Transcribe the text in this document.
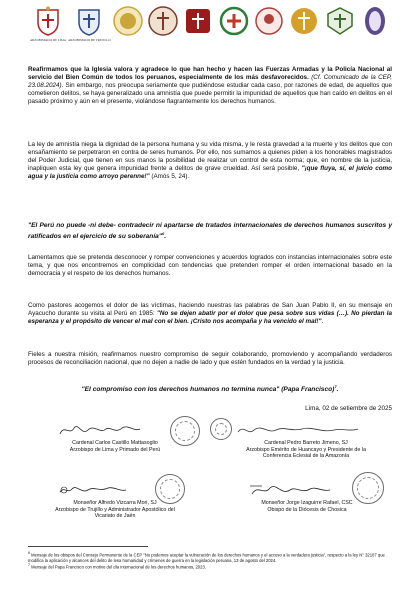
ARZOBISPADO DE LIMA ARZOBISPADO DE TRUJILLO

Reafirmamos que la Iglesia valora y agradece lo que han hecho y hacen las Fuerzas Armadas y la Policía Nacional al servicio del Bien Común de todos los peruanos, especialmente de los más desfavorecidos. (Cf. Comunicado de la CEP, 23.08.2024). Sin embargo, nos preocupa seriamente que pudiéndose estudiar cada caso, por razones de edad, de aquellos que cometieron delitos, se haya generalizado una amnistía que puede permitir la impunidad de aquellos que han caído en delitos en el pasado próximo y aún en el presente, violándose flagrantemente los derechos humanos.

La ley de amnistía niega la dignidad de la persona humana y su vida misma, y le resta gravedad a la muerte y los delitos que con ensañamiento se perpetraron en contra de seres humanos. Por ello, nos sumamos a quienes piden a los honorables magistrados del Poder Judicial, que tienen en sus manos la posibilidad de realizar un control de esta norma; que, en nombre de la justicia, inapliquen esta ley que genera impunidad frente a delitos de grave crueldad. Así será posible, "¡que fluya, sí, el juicio como agua y la justicia como arroyo perenne!" (Amós 5, 24).

"El Perú no puede -ni debe- contradecir ni apartarse de tratados internacionales de derechos humanos suscritos y ratificados en el ejercicio de su soberanía"$^6$.

Lamentamos que se pretenda desconocer y romper convenciones y acuerdos logrados con instancias internacionales sobre este tema, y que nos encontremos en complicidad con tendencias que pretenden romper el orden internacional basado en la democracia y el respeto de los derechos humanos.

Como pastores acogemos el dolor de las víctimas, haciendo nuestras las palabras de San Juan Pablo II, en su mensaje en Ayacucho durante su visita al Perú en 1985: "No se dejen abatir por el dolor que pesa sobre sus vidas (…). No pierdan la esperanza y el propósito de vencer el mal con el bien. ¡Cristo nos acompaña y ha vencido el mal!".

Fieles a nuestra misión, reafirmamos nuestro compromiso de seguir colaborando, promoviendo y acompañando verdaderos procesos de reconciliación nacional, que no dejen a nadie de lado y que estén fundados en la verdad y la justicia.

"El compromiso con los derechos humanos no termina nunca" (Papa Francisco)$^7$.

Lima, 02 de setiembre de 2025
Cardenal Carlos Castillo Mattasoglio
Arzobispo de Lima y Primado del Perú
Cardenal Pedro Barreto Jimeno, SJ
Arzobispo Emérito de Huancayo y Presidente de la
Conferencia Eclesial de la Amazonía
Monseñor Alfredo Vizcarra Mori, SJ
Arzobispo de Trujillo y Administrador Apostólico del
Vicariato de Jaén
Monseñor Jorge Izaguirre Rafael, CSC
Obispo de la Diócesis de Chosica

$^6$ Mensaje de los obispos del Consejo Permanente de la CEP "No podemos aceptar la vulneración de los derechos humanos y el acceso a la verdadera justicia", respecto a la ley N° 32107 que modifica la aplicación y alcances del delito de lesa humanidad y crímenes de guerra en la legislación peruana, 13 de agosto del 2024.

$^7$ Mensaje del Papa Francisco con motivo del día internacional de los derechos humanos, 2023.
